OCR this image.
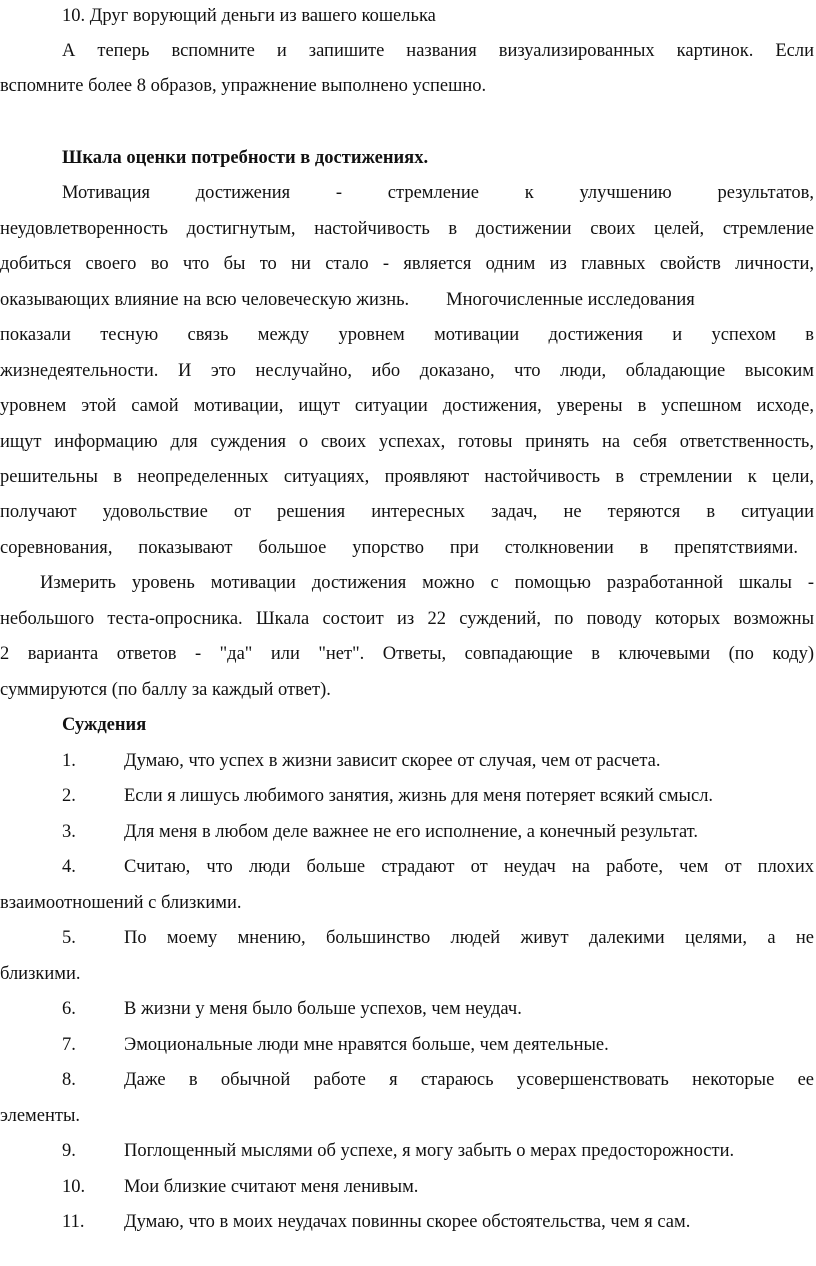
10. Друг ворующий деньги из вашего кошелька
А теперь вспомните и запишите названия визуализированных картинок. Если
вспомните более 8 образов, упражнение выполнено успешно.
Шкала оценки потребности в достижениях.
Мотивация достижения - стремление к улучшению результатов,
неудовлетворенность достигнутым, настойчивость в достижении своих целей, стремление
добиться своего во что бы то ни стало - является одним из главных свойств личности,
оказывающих влияние на всю человеческую жизнь.        Многочисленные исследования
показали тесную связь между уровнем мотивации достижения и успехом в
жизнедеятельности. И это неслучайно, ибо доказано, что люди, обладающие высоким
уровнем этой самой мотивации, ищут ситуации достижения, уверены в успешном исходе,
ищут информацию для суждения о своих успехах, готовы принять на себя ответственность,
решительны в неопределенных ситуациях, проявляют настойчивость в стремлении к цели,
получают удовольствие от решения интересных задач, не теряются в ситуации
соревнования, показывают большое упорство при столкновении в препятствиями.
Измерить уровень мотивации достижения можно с помощью разработанной шкалы -
небольшого теста-опросника. Шкала состоит из 22 суждений, по поводу которых возможны
2 варианта ответов - "да" или "нет". Ответы, совпадающие в ключевыми (по коду)
суммируются (по баллу за каждый ответ).
Суждения
1.	Думаю, что успех в жизни зависит скорее от случая, чем от расчета.
2.	Если я лишусь любимого занятия, жизнь для меня потеряет всякий смысл.
3.	Для меня в любом деле важнее не его исполнение, а конечный результат.
4.	Считаю, что люди больше страдают от неудач на работе, чем от плохих
взаимоотношений с близкими.
5.	По моему мнению, большинство людей живут далекими целями, а не
близкими.
6.	В жизни у меня было больше успехов, чем неудач.
7.	Эмоциональные люди мне нравятся больше, чем деятельные.
8.	Даже в обычной работе я стараюсь усовершенствовать некоторые ее
элементы.
9.	Поглощенный мыслями об успехе, я могу забыть о мерах предосторожности.
10. Мои близкие считают меня ленивым.
11. Думаю, что в моих неудачах повинны скорее обстоятельства, чем я сам.
